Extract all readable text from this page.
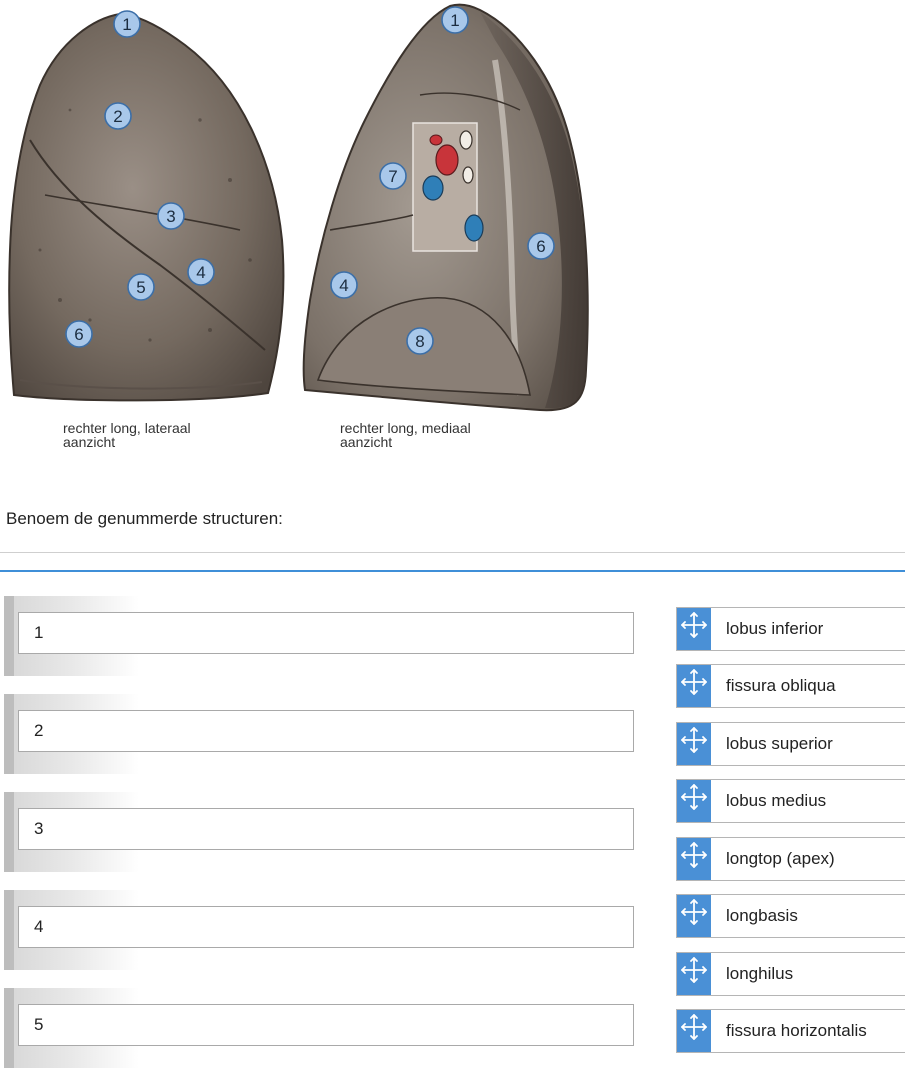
1
2
3
4
5
6
1
7
6
4
8
rechter long, lateraal
aanzicht
rechter long, mediaal
aanzicht
Benoem de genummerde structuren:
1
2
3
4
5
lobus inferior
fissura obliqua
lobus superior
lobus medius
longtop (apex)
longbasis
longhilus
fissura horizontalis
